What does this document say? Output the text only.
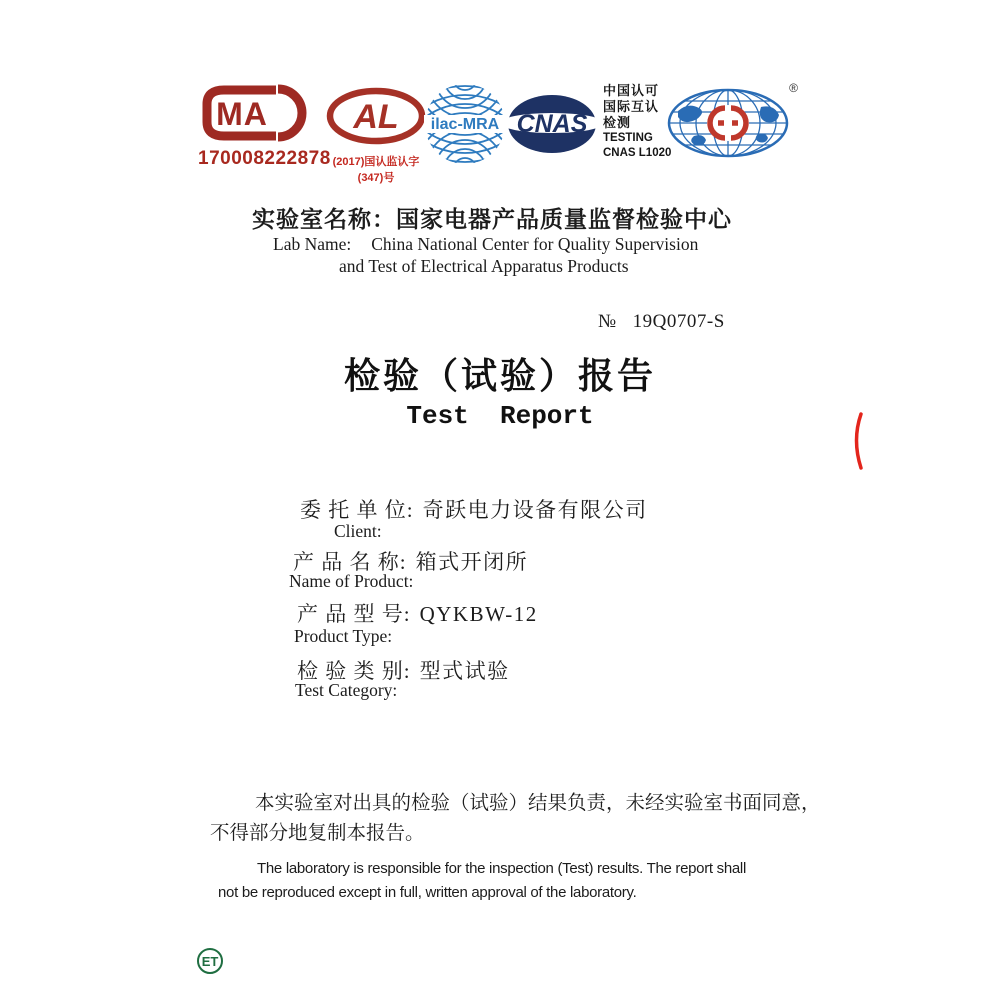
MA
170008222878
AL
(2017)国认监认字(347)号
ilac-MRA CNAS
中国认可
国际互认
检测
TESTING
CNAS L1020
®
实验室名称：国家电器产品质量监督检验中心
Lab Name: China National Center for Quality Supervision
and Test of Electrical Apparatus Products
№ 19Q0707-S
检验（试验）报告
Test  Report
委 托 单 位: 奇跃电力设备有限公司
Client:
产 品 名 称: 箱式开闭所
Name of Product:
产 品 型 号: QYKBW-12
Product Type:
检 验 类 别: 型式试验
Test Category:
本实验室对出具的检验（试验）结果负责，未经实验室书面同意，
不得部分地复制本报告。
The laboratory is responsible for the inspection (Test) results. The report shall
not be reproduced except in full, written approval of the laboratory.
ET
